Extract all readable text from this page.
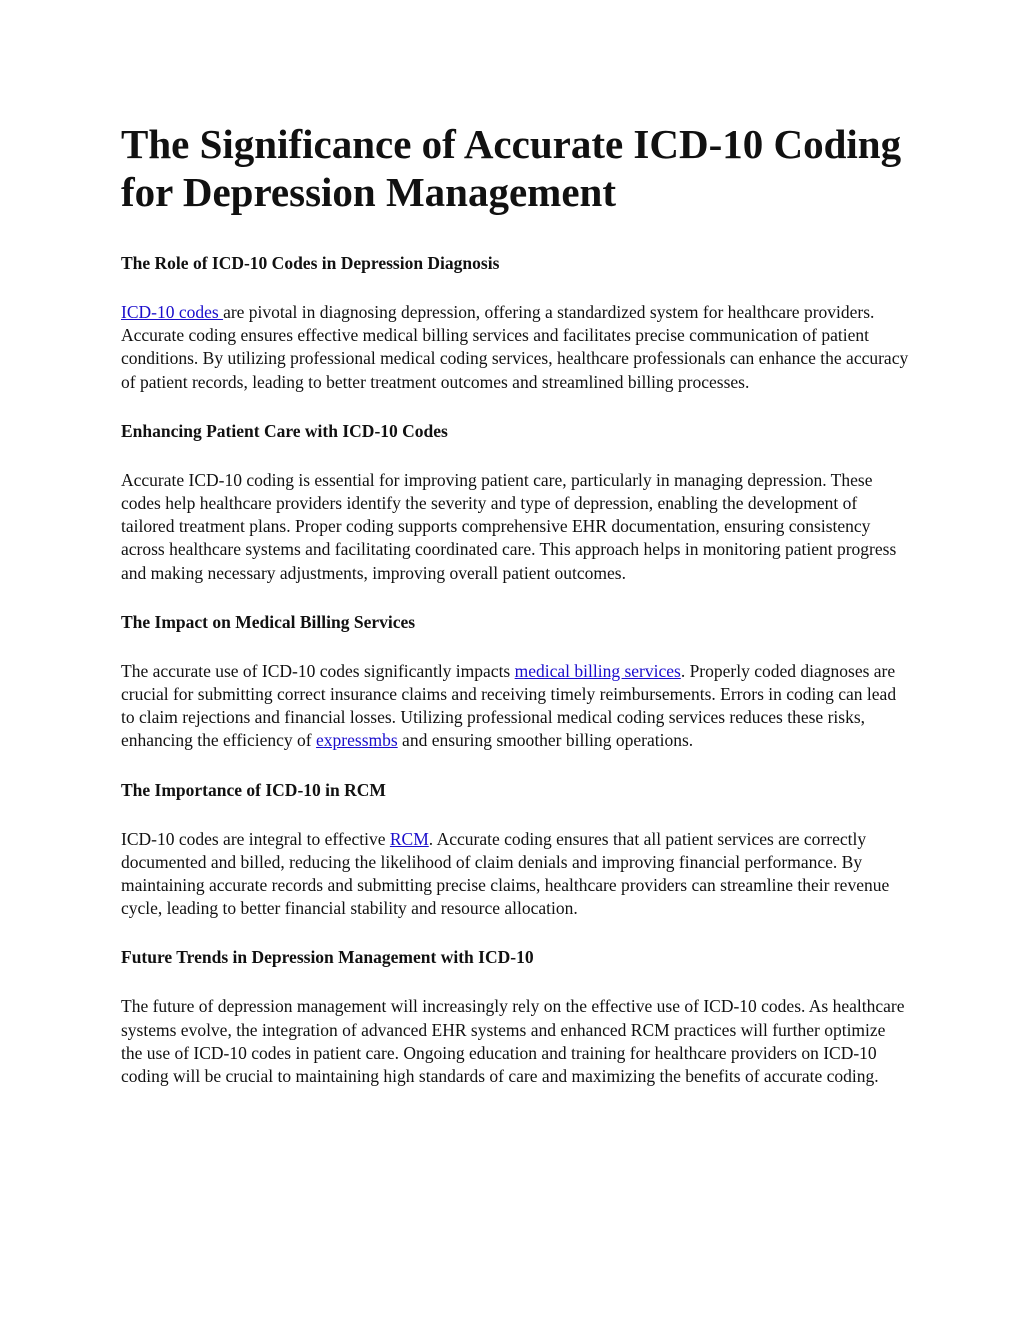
The Significance of Accurate ICD-10 Coding for Depression Management
The Role of ICD-10 Codes in Depression Diagnosis

ICD-10 codes are pivotal in diagnosing depression, offering a standardized system for healthcare providers. Accurate coding ensures effective medical billing services and facilitates precise communication of patient conditions. By utilizing professional medical coding services, healthcare professionals can enhance the accuracy of patient records, leading to better treatment outcomes and streamlined billing processes.

Enhancing Patient Care with ICD-10 Codes

Accurate ICD-10 coding is essential for improving patient care, particularly in managing depression. These codes help healthcare providers identify the severity and type of depression, enabling the development of tailored treatment plans. Proper coding supports comprehensive EHR documentation, ensuring consistency across healthcare systems and facilitating coordinated care. This approach helps in monitoring patient progress and making necessary adjustments, improving overall patient outcomes.

The Impact on Medical Billing Services

The accurate use of ICD-10 codes significantly impacts medical billing services. Properly coded diagnoses are crucial for submitting correct insurance claims and receiving timely reimbursements. Errors in coding can lead to claim rejections and financial losses. Utilizing professional medical coding services reduces these risks, enhancing the efficiency of expressmbs and ensuring smoother billing operations.

The Importance of ICD-10 in RCM

ICD-10 codes are integral to effective RCM. Accurate coding ensures that all patient services are correctly documented and billed, reducing the likelihood of claim denials and improving financial performance. By maintaining accurate records and submitting precise claims, healthcare providers can streamline their revenue cycle, leading to better financial stability and resource allocation.

Future Trends in Depression Management with ICD-10

The future of depression management will increasingly rely on the effective use of ICD-10 codes. As healthcare systems evolve, the integration of advanced EHR systems and enhanced RCM practices will further optimize the use of ICD-10 codes in patient care. Ongoing education and training for healthcare providers on ICD-10 coding will be crucial to maintaining high standards of care and maximizing the benefits of accurate coding.
